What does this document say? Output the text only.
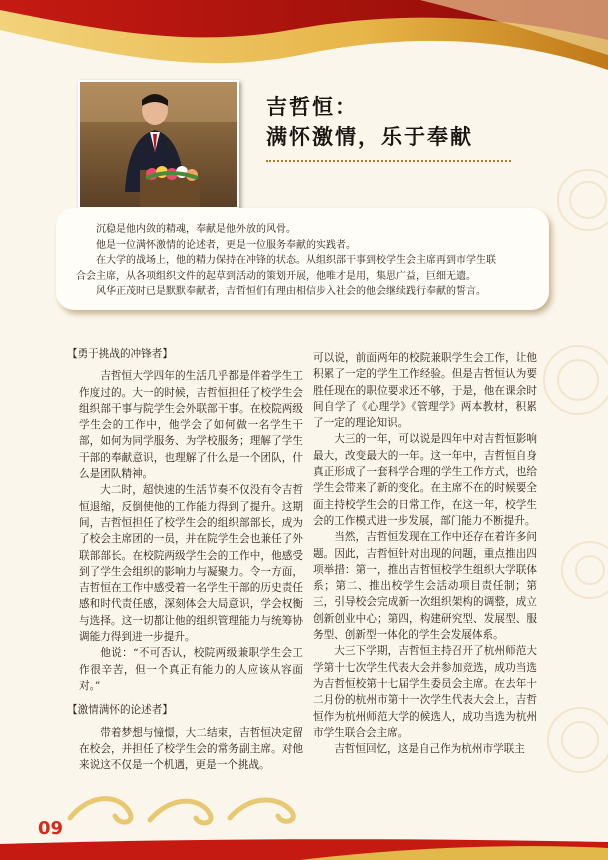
吉哲恒：
满怀激情，乐于奉献

沉稳是他内敛的精魂，奉献是他外放的风骨。

他是一位满怀激情的论述者，更是一位服务奉献的实践者。

在大学的战场上，他的精力保持在冲锋的状态。从组织部干事到校学生会主席再到市学生联

合会主席，从各项组织文件的起草到活动的策划开展，他唯才是用，集思广益，巨细无遗。

风华正茂时已是默默奉献者，吉哲恒们有理由相信步入社会的他会继续践行奉献的誓言。

【勇于挑战的冲锋者】

吉哲恒大学四年的生活几乎都是伴着学生工作度过的。大一的时候，吉哲恒担任了校学生会组织部干事与院学生会外联部干事。在校院两级学生会的工作中，他学会了如何做一名学生干部，如何为同学服务、为学校服务；理解了学生干部的奉献意识，也理解了什么是一个团队，什么是团队精神。

大二时，超快速的生活节奏不仅没有令吉哲恒退缩，反倒使他的工作能力得到了提升。这期间，吉哲恒担任了校学生会的组织部部长，成为了校会主席团的一员，并在院学生会也兼任了外联部部长。在校院两级学生会的工作中，他感受到了学生会组织的影响力与凝聚力。令一方面，吉哲恒在工作中感受着一名学生干部的历史责任感和时代责任感，深刻体会大局意识，学会权衡与选择。这一切都让他的组织管理能力与统筹协调能力得到进一步提升。

他说：“不可否认，校院两级兼职学生会工作很辛苦，但一个真正有能力的人应该从容面对。”

【激情满怀的论述者】

带着梦想与憧憬，大二结束，吉哲恒决定留在校会，并担任了校学生会的常务副主席。对他来说这不仅是一个机遇，更是一个挑战。

可以说，前面两年的校院兼职学生会工作，让他积累了一定的学生工作经验。但是吉哲恒认为要胜任现在的职位要求还不够，于是，他在课余时间自学了《心理学》《管理学》两本教材，积累了一定的理论知识。

大三的一年，可以说是四年中对吉哲恒影响最大，改变最大的一年。这一年中，吉哲恒自身真正形成了一套科学合理的学生工作方式，也给学生会带来了新的变化。在主席不在的时候要全面主持校学生会的日常工作，在这一年，校学生会的工作模式进一步发展，部门能力不断提升。

当然，吉哲恒发现在工作中还存在着许多问题。因此，吉哲恒针对出现的问题，重点推出四项举措：第一，推出吉哲恒校学生组织大学联体系；第二、推出校学生会活动项目责任制；第三，引导校会完成新一次组织架构的调整，成立创新创业中心；第四，构建研究型、发展型、服务型、创新型一体化的学生会发展体系。

大三下学期，吉哲恒主持召开了杭州师范大学第十七次学生代表大会并参加竞选，成功当选为吉哲恒校第十七届学生委员会主席。在去年十二月份的杭州市第十一次学生代表大会上，吉哲恒作为杭州师范大学的候选人，成功当选为杭州市学生联合会主席。

吉哲恒回忆，这是自己作为杭州市学联主

09
